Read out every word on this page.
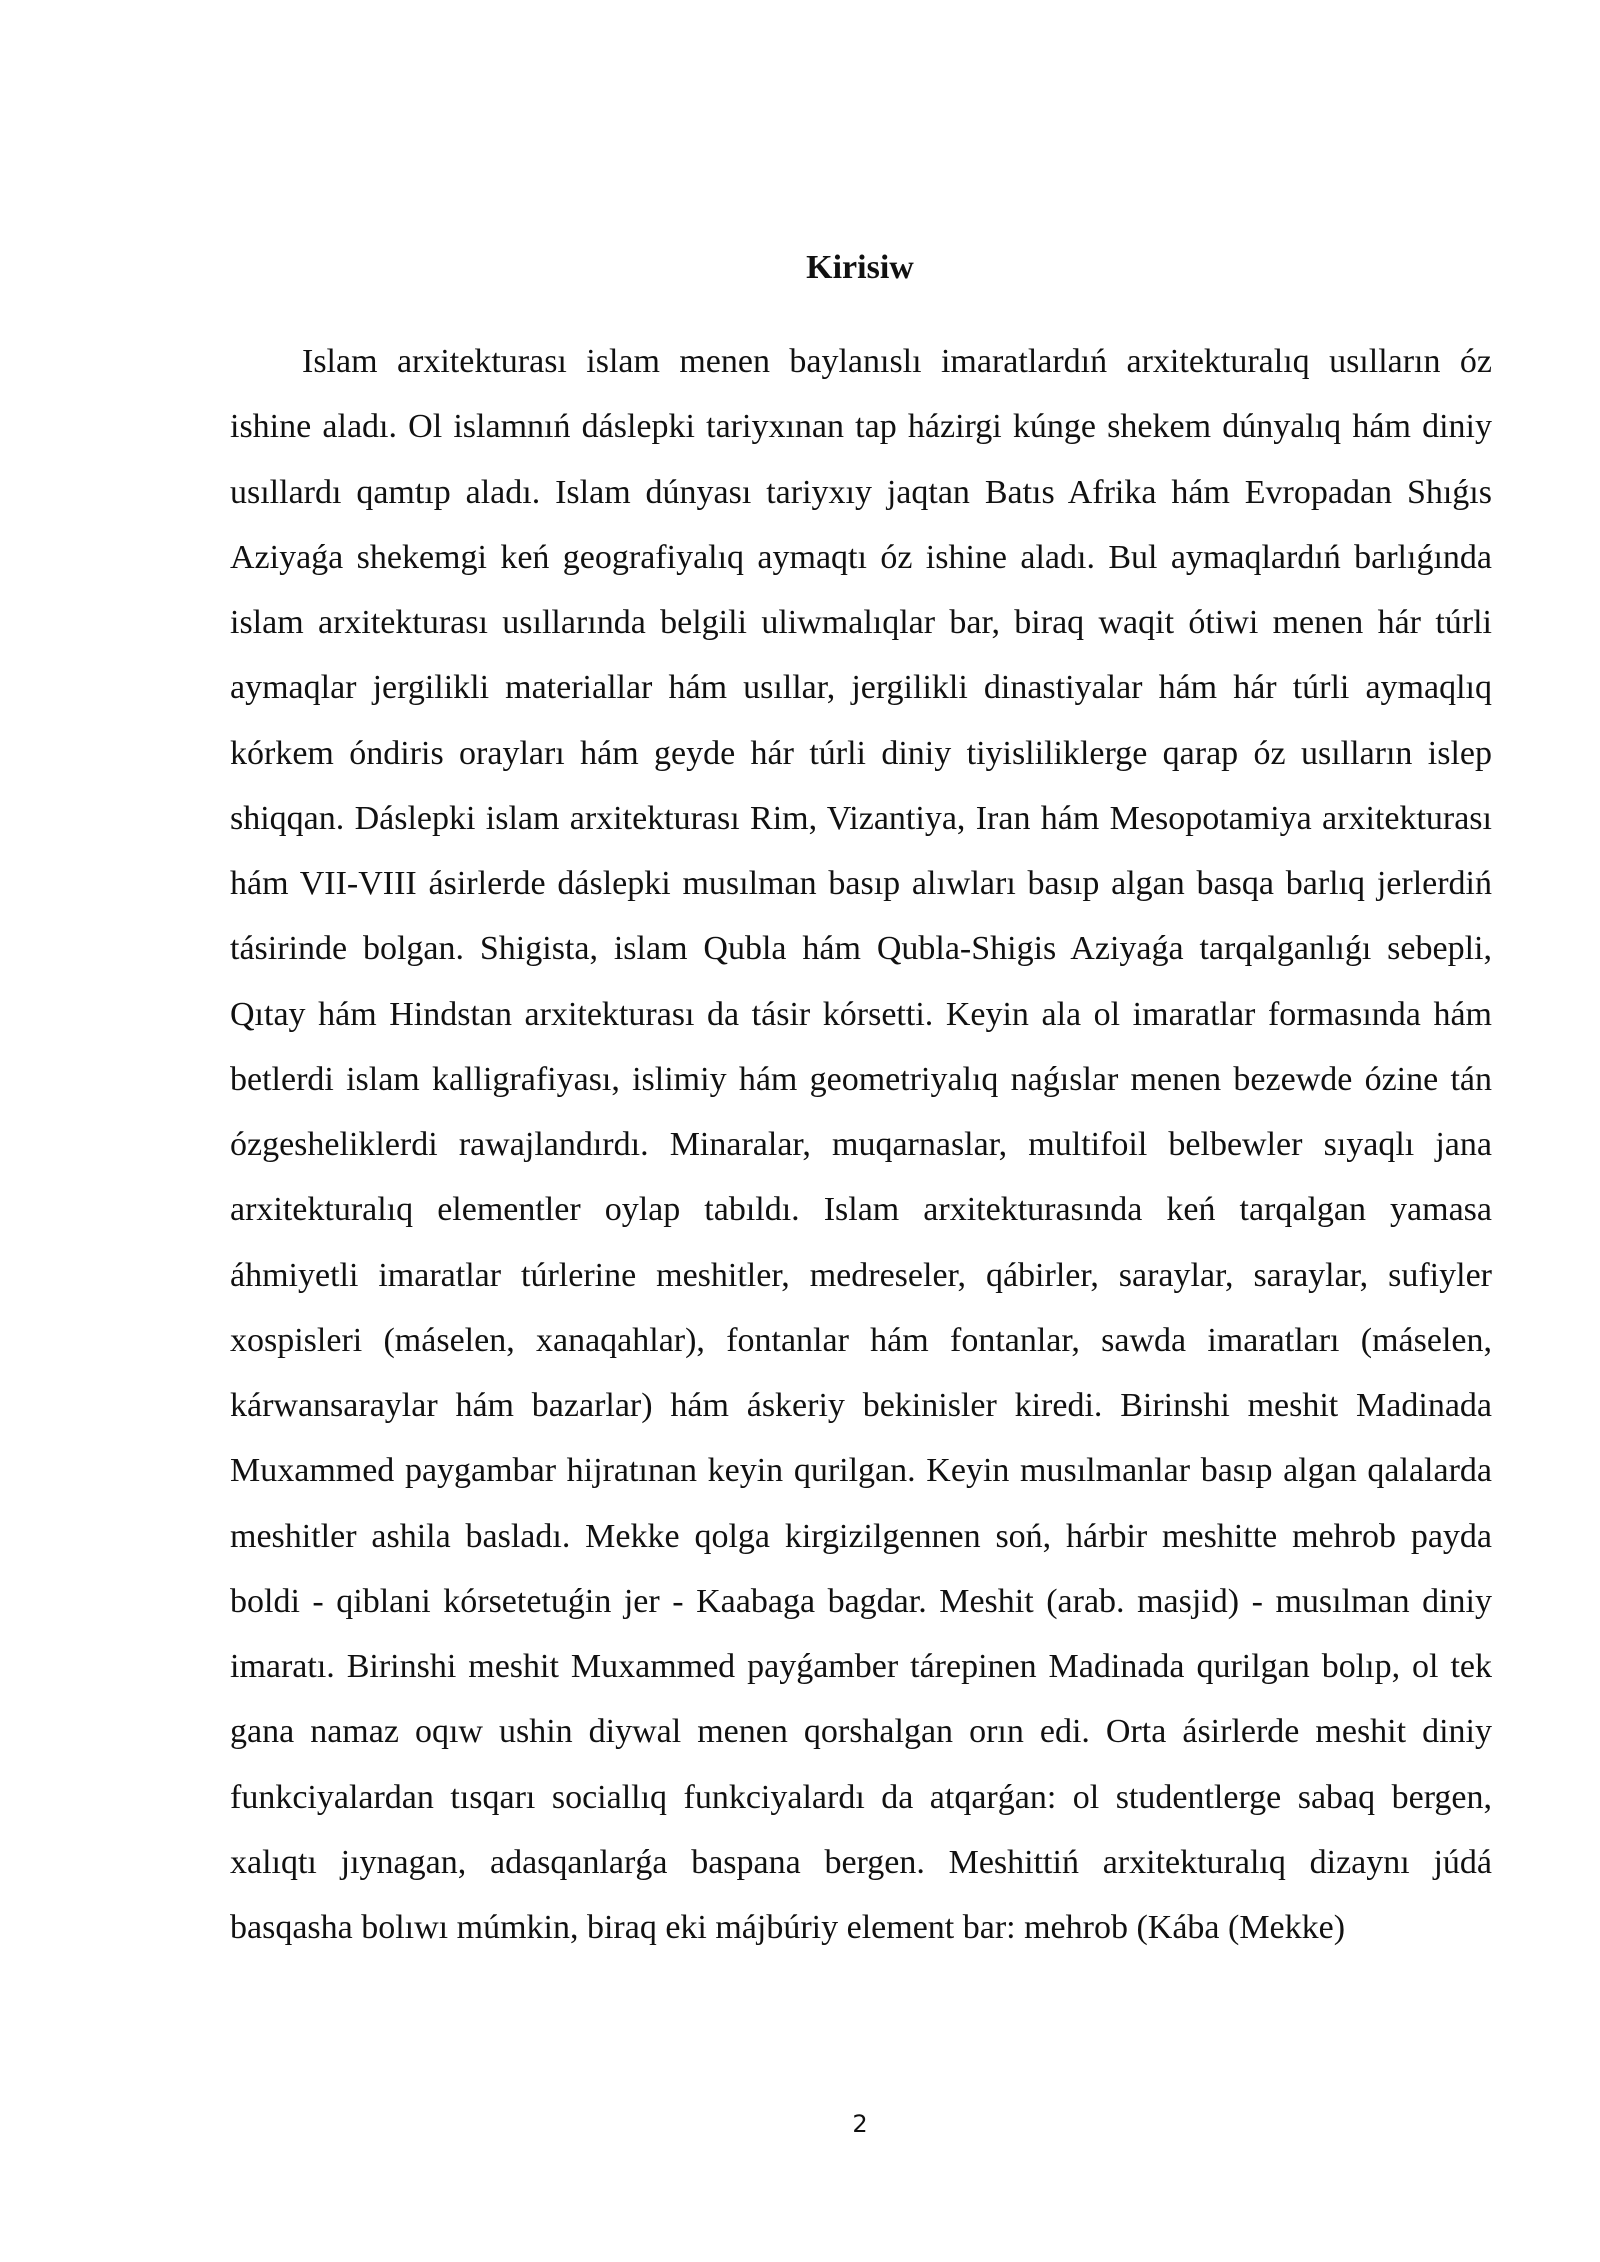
Kirisiw

Islam arxitekturası islam menen baylanıslı imaratlardıń arxitekturalıq usılların óz ishine aladı. Ol islamnıń dáslepki tariyxınan tap házirgi kúnge shekem dúnyalıq hám diniy usıllardı qamtıp aladı. Islam dúnyası tariyxıy jaqtan Batıs Afrika hám Evropadan Shıǵıs Aziyaǵa shekemgi keń geografiyalıq aymaqtı óz ishine aladı. Bul aymaqlardıń barlıǵında islam arxitekturası usıllarında belgili uliwmalıqlar bar, biraq waqit ótiwi menen hár túrli aymaqlar jergilikli materiallar hám usıllar, jergilikli dinastiyalar hám hár túrli aymaqlıq kórkem óndiris orayları hám geyde hár túrli diniy tiyisliliklerge qarap óz usılların islep shiqqan. Dáslepki islam arxitekturası Rim, Vizantiya, Iran hám Mesopotamiya arxitekturası hám VII-VIII ásirlerde dáslepki musılman basıp alıwları basıp algan basqa barlıq jerlerdiń tásirinde bolgan. Shigista, islam Qubla hám Qubla-Shigis Aziyaǵa tarqalganlıǵı sebepli, Qıtay hám Hindstan arxitekturası da tásir kórsetti. Keyin ala ol imaratlar formasında hám betlerdi islam kalligrafiyası, islimiy hám geometriyalıq naǵıslar menen bezewde ózine tán ózgesheliklerdi rawajlandırdı. Minaralar, muqarnaslar, multifoil belbewler sıyaqlı jana arxitekturalıq elementler oylap tabıldı. Islam arxitekturasında keń tarqalgan yamasa áhmiyetli imaratlar túrlerine meshitler, medreseler, qábirler, saraylar, saraylar, sufiyler xospisleri (máselen, xanaqahlar), fontanlar hám fontanlar, sawda imaratları (máselen, kárwansaraylar hám bazarlar) hám áskeriy bekinisler kiredi. Birinshi meshit Madinada Muxammed paygambar hijratınan keyin qurilgan. Keyin musılmanlar basıp algan qalalarda meshitler ashila basladı. Mekke qolga kirgizilgennen soń, hárbir meshitte mehrob payda boldi - qiblani kórsetetuǵin jer - Kaabaga bagdar. Meshit (arab. masjid) - musılman diniy imaratı. Birinshi meshit Muxammed payǵamber tárepinen Madinada qurilgan bolıp, ol tek gana namaz oqıw ushin diywal menen qorshalgan orın edi. Orta ásirlerde meshit diniy funkciyalardan tısqarı sociallıq funkciyalardı da atqarǵan: ol studentlerge sabaq bergen, xalıqtı jıynagan, adasqanlarǵa baspana bergen. Meshittiń arxitekturalıq dizaynı júdá basqasha bolıwı múmkin, biraq eki májbúriy element bar: mehrob (Kába (Mekke)

2
